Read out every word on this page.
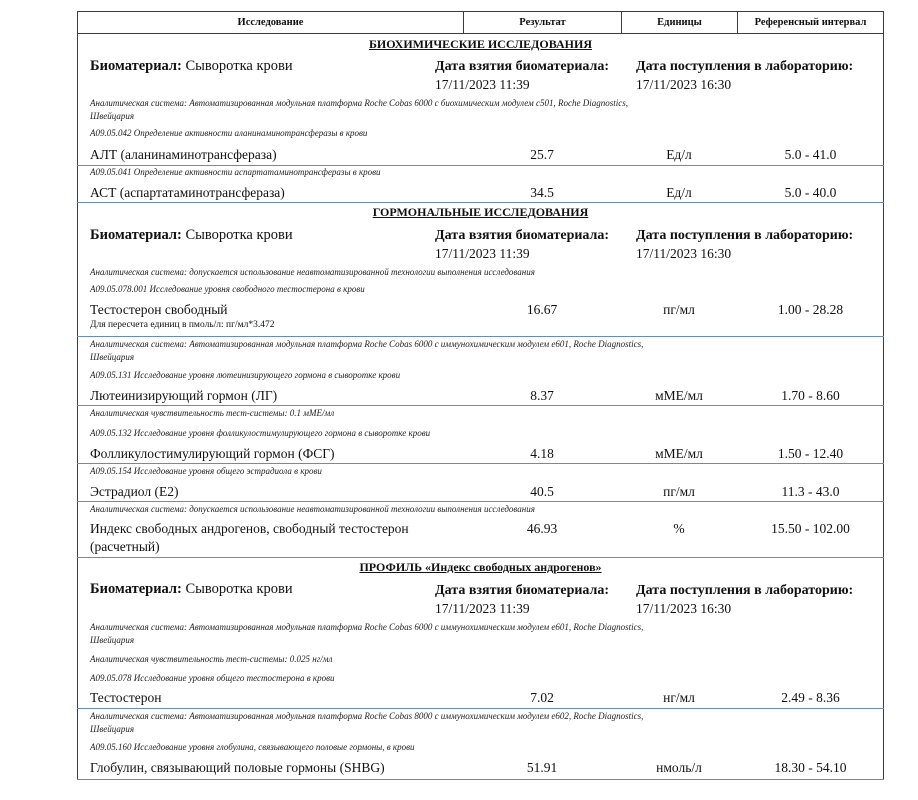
Исследование	Результат	Единицы	Референсный интервал
БИОХИМИЧЕСКИЕ ИССЛЕДОВАНИЯ
Биоматериал: Сыворотка крови	Дата взятия биоматериала:
17/11/2023 11:39
Дата поступления в лабораторию:
17/11/2023 16:30
Аналитическая система: Автоматизированная модульная платформа Roche Cobas 6000 с биохимическим модулем c501, Roche Diagnostics,
Швейцария
А09.05.042 Определение активности аланинаминотрансферазы в крови
АЛТ (аланинаминотрансфераза)	25.7	Ед/л	5.0 - 41.0
А09.05.041 Определение активности аспартатаминотрансферазы в крови
АСТ (аспартатаминотрансфераза)	34.5	Ед/л	5.0 - 40.0
ГОРМОНАЛЬНЫЕ ИССЛЕДОВАНИЯ
Биоматериал: Сыворотка крови	Дата взятия биоматериала:
17/11/2023 11:39
Дата поступления в лабораторию:
17/11/2023 16:30
Аналитическая система: допускается использование неавтоматизированной технологии выполнения исследования
А09.05.078.001 Исследование уровня свободного тестостерона в крови
Тестостерон свободный	16.67	пг/мл	1.00 - 28.28
Для пересчета единиц в пмоль/л: пг/мл*3.472
Аналитическая система: Автоматизированная модульная платформа Roche Cobas 6000 с иммунохимическим модулем e601, Roche Diagnostics,
Швейцария
А09.05.131 Исследование уровня лютеинизирующего гормона в сыворотке крови
Лютеинизирующий гормон (ЛГ)	8.37	мМЕ/мл	1.70 - 8.60
Аналитическая чувствительность тест-системы: 0.1 мМЕ/мл
А09.05.132 Исследование уровня фолликулостимулирующего гормона в сыворотке крови
Фолликулостимулирующий гормон (ФСГ)	4.18	мМЕ/мл	1.50 - 12.40
А09.05.154 Исследование уровня общего эстрадиола в крови
Эстрадиол (E2)	40.5	пг/мл	11.3 - 43.0
Аналитическая система: допускается использование неавтоматизированной технологии выполнения исследования
Индекс свободных андрогенов, свободный тестостерон
(расчетный)
46.93	%	15.50 - 102.00
ПРОФИЛЬ «Индекс свободных андрогенов»
Биоматериал: Сыворотка крови	Дата взятия биоматериала:
17/11/2023 11:39
Дата поступления в лабораторию:
17/11/2023 16:30
Аналитическая система: Автоматизированная модульная платформа Roche Cobas 6000 с иммунохимическим модулем e601, Roche Diagnostics,
Швейцария
Аналитическая чувствительность тест-системы: 0.025 нг/мл
А09.05.078 Исследование уровня общего тестостерона в крови
Тестостерон	7.02	нг/мл	2.49 - 8.36
Аналитическая система: Автоматизированная модульная платформа Roche Cobas 8000 с иммунохимическим модулем e602, Roche Diagnostics,
Швейцария
А09.05.160 Исследование уровня глобулина, связывающего половые гормоны, в крови
Глобулин, связывающий половые гормоны (SHBG)	51.91	нмоль/л	18.30 - 54.10
